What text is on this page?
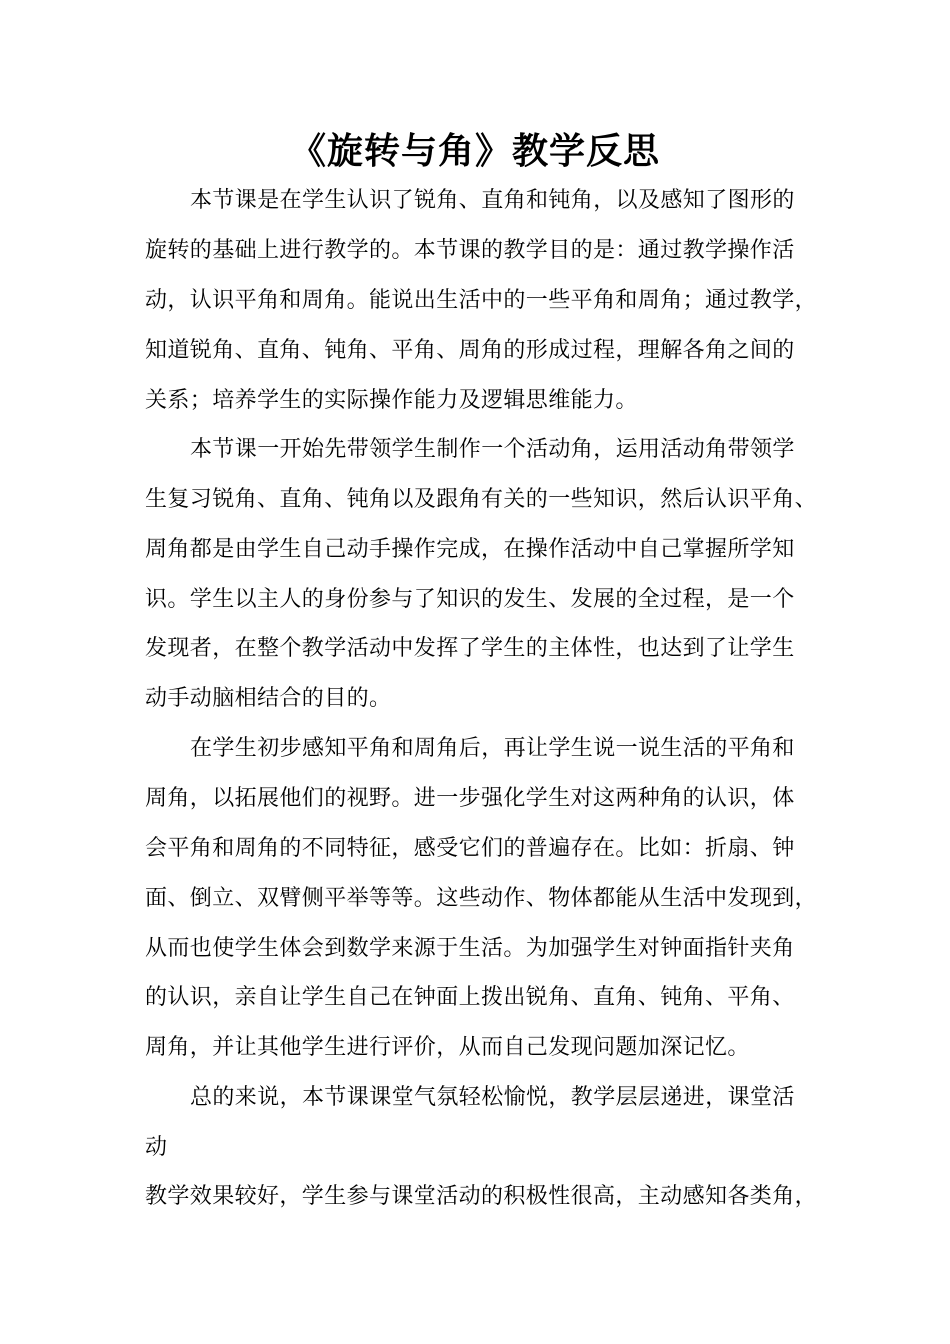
《旋转与角》教学反思
本节课是在学生认识了锐角、直角和钝角，以及感知了图形的
旋转的基础上进行教学的。本节课的教学目的是：通过教学操作活
动，认识平角和周角。能说出生活中的一些平角和周角；通过教学，
知道锐角、直角、钝角、平角、周角的形成过程，理解各角之间的
关系；培养学生的实际操作能力及逻辑思维能力。
本节课一开始先带领学生制作一个活动角，运用活动角带领学
生复习锐角、直角、钝角以及跟角有关的一些知识，然后认识平角、
周角都是由学生自己动手操作完成，在操作活动中自己掌握所学知
识。学生以主人的身份参与了知识的发生、发展的全过程，是一个
发现者，在整个教学活动中发挥了学生的主体性，也达到了让学生
动手动脑相结合的目的。
在学生初步感知平角和周角后，再让学生说一说生活的平角和
周角，以拓展他们的视野。进一步强化学生对这两种角的认识，体
会平角和周角的不同特征，感受它们的普遍存在。比如：折扇、钟
面、倒立、双臂侧平举等等。这些动作、物体都能从生活中发现到，
从而也使学生体会到数学来源于生活。为加强学生对钟面指针夹角
的认识，亲自让学生自己在钟面上拨出锐角、直角、钝角、平角、
周角，并让其他学生进行评价，从而自己发现问题加深记忆。
总的来说，本节课课堂气氛轻松愉悦，教学层层递进，课堂活
动
教学效果较好，学生参与课堂活动的积极性很高，主动感知各类角，
